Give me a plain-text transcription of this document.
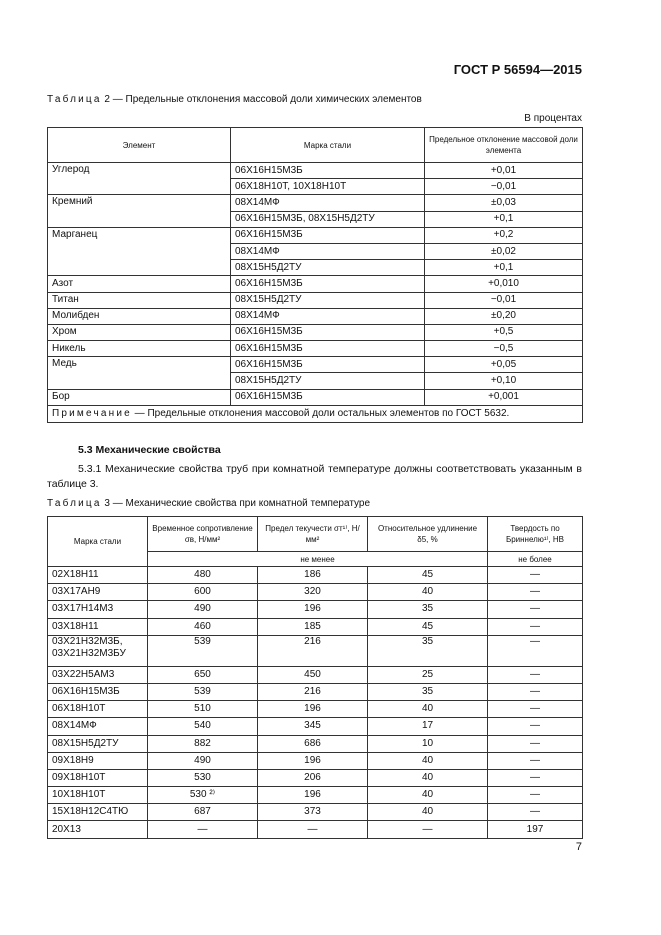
ГОСТ Р 56594—2015
Таблица 2 — Предельные отклонения массовой доли химических элементов
В процентах
Элемент	Марка стали	Предельное отклонение массовой доли элемента
Углерод	06Х16Н15М3Б	+0,01
	06Х18Н10Т, 10Х18Н10Т	−0,01
Кремний	08Х14МФ	±0,03
	06Х16Н15М3Б, 08Х15Н5Д2ТУ	+0,1
Марганец	06Х16Н15М3Б	+0,2
	08Х14МФ	±0,02
	08Х15Н5Д2ТУ	+0,1
Азот	06Х16Н15М3Б	+0,010
Титан	08Х15Н5Д2ТУ	−0,01
Молибден	08Х14МФ	±0,20
Хром	06Х16Н15М3Б	+0,5
Никель	06Х16Н15М3Б	−0,5
Медь	06Х16Н15М3Б	+0,05
	08Х15Н5Д2ТУ	+0,10
Бор	06Х16Н15М3Б	+0,001
Примечание — Предельные отклонения массовой доли остальных элементов по ГОСТ 5632.		
5.3 Механические свойства
5.3.1 Механические свойства труб при комнатной температуре должны соответствовать указанным в таблице 3.
Таблица 3 — Механические свойства при комнатной температуре
Марка стали	Временное сопротивление σв, Н/мм²	Предел текучести σт¹⁾, Н/мм²	Относительное удлинение δ5, %	Твердость по Бриннелю¹⁾, НВ
	не менее			не более
02Х18Н11	480	186	45	—
03Х17АН9	600	320	40	—
03Х17Н14М3	490	196	35	—
03Х18Н11	460	185	45	—
03Х21Н32М3Б, 03Х21Н32М3БУ	539	216	35	—
03Х22Н5АМ3	650	450	25	—
06Х16Н15М3Б	539	216	35	—
06Х18Н10Т	510	196	40	—
08Х14МФ	540	345	17	—
08Х15Н5Д2ТУ	882	686	10	—
09Х18Н9	490	196	40	—
09Х18Н10Т	530	206	40	—
10Х18Н10Т	530 ²⁾	196	40	—
15Х18Н12С4ТЮ	687	373	40	—
20Х13	—	—	—	197
7
